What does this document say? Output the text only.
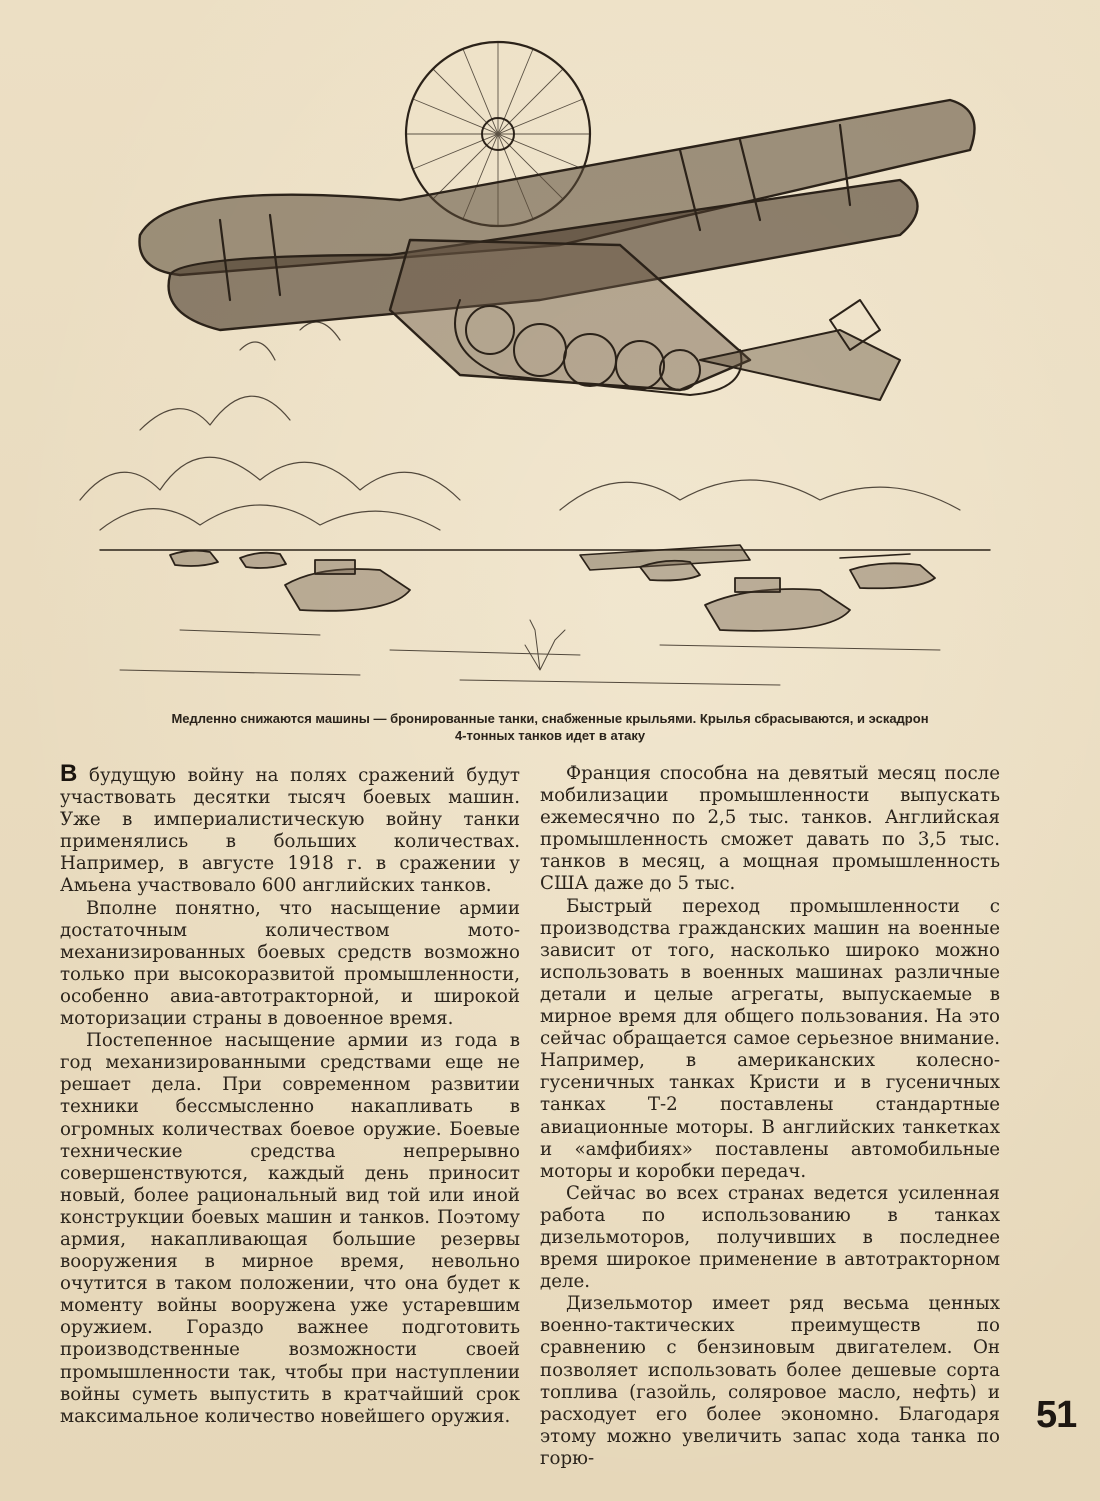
Медленно снижаются машины — бронированные танки, снабженные крыльями. Крылья сбрасываются, и эскадрон
4-тонных танков идет в атаку

В будущую войну на полях сражений будут участвовать десятки тысяч боевых машин. Уже в империалистическую войну танки применялись в больших количествах. Например, в августе 1918 г. в сражении у Амьена участвовало 600 английских танков.

Вполне понятно, что насыщение армии достаточным количеством мото-механизированных боевых средств возможно только при высокоразвитой промышленности, особенно авиа-автотракторной, и широкой моторизации страны в довоенное время.

Постепенное насыщение армии из года в год механизированными средствами еще не решает дела. При современном развитии техники бессмысленно накапливать в огромных количествах боевое оружие. Боевые технические средства непрерывно совершенствуются, каждый день приносит новый, более рациональный вид той или иной конструкции боевых машин и танков. Поэтому армия, накапливающая большие резервы вооружения в мирное время, невольно очутится в таком положении, что она будет к моменту войны вооружена уже устаревшим оружием. Гораздо важнее подготовить производственные возможности своей промышленности так, чтобы при наступлении войны суметь выпустить в кратчайший срок максимальное количество новейшего оружия.

Франция способна на девятый месяц после мобилизации промышленности выпускать ежемесячно по 2,5 тыс. танков. Английская промышленность сможет давать по 3,5 тыс. танков в месяц, а мощная промышленность США даже до 5 тыс.

Быстрый переход промышленности с производства гражданских машин на военные зависит от того, насколько широко можно использовать в военных машинах различные детали и целые агрегаты, выпускаемые в мирное время для общего пользования. На это сейчас обращается самое серьезное внимание. Например, в американских колесно-гусеничных танках Кристи и в гусеничных танках Т-2 поставлены стандартные авиационные моторы. В английских танкетках и «амфибиях» поставлены автомобильные моторы и коробки передач.

Сейчас во всех странах ведется усиленная работа по использованию в танках дизельмоторов, получивших в последнее время широкое применение в автотракторном деле.

Дизельмотор имеет ряд весьма ценных военно-тактических преимуществ по сравнению с бензиновым двигателем. Он позволяет использовать более дешевые сорта топлива (газойль, соляровое масло, нефть) и расходует его более экономно. Благодаря этому можно увеличить запас хода танка по горю-

51
